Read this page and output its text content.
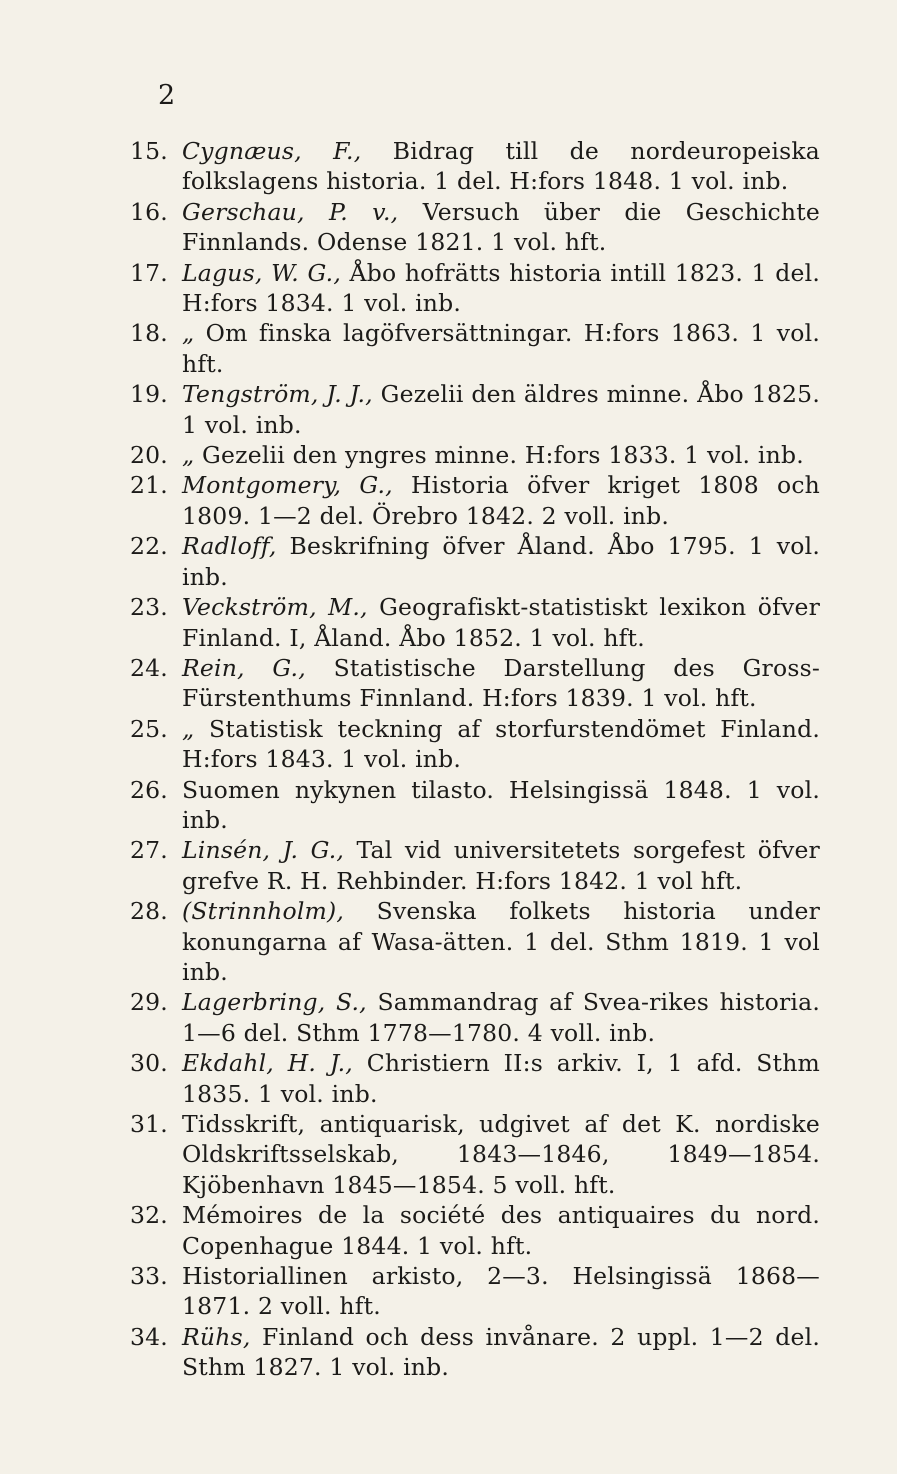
2
15. Cygnæus, F., Bidrag till de nordeuropeiska folkslagens historia. 1 del. H:fors 1848. 1 vol. inb.
16. Gerschau, P. v., Versuch über die Geschichte Finnlands. Odense 1821. 1 vol. hft.
17. Lagus, W. G., Åbo hofrätts historia intill 1823. 1 del. H:fors 1834. 1 vol. inb.
18. „ Om finska lagöfversättningar. H:fors 1863. 1 vol. hft.
19. Tengström, J. J., Gezelii den äldres minne. Åbo 1825. 1 vol. inb.
20. „ Gezelii den yngres minne. H:fors 1833. 1 vol. inb.
21. Montgomery, G., Historia öfver kriget 1808 och 1809. 1—2 del. Örebro 1842. 2 voll. inb.
22. Radloff, Beskrifning öfver Åland. Åbo 1795. 1 vol. inb.
23. Veckström, M., Geografiskt-statistiskt lexikon öfver Finland. I, Åland. Åbo 1852. 1 vol. hft.
24. Rein, G., Statistische Darstellung des Gross-Fürstenthums Finnland. H:fors 1839. 1 vol. hft.
25. „ Statistisk teckning af storfurstendömet Finland. H:fors 1843. 1 vol. inb.
26. Suomen nykynen tilasto. Helsingissä 1848. 1 vol. inb.
27. Linsén, J. G., Tal vid universitetets sorgefest öfver grefve R. H. Rehbinder. H:fors 1842. 1 vol hft.
28. (Strinnholm), Svenska folkets historia under konungarna af Wasa-ätten. 1 del. Sthm 1819. 1 vol inb.
29. Lagerbring, S., Sammandrag af Svea-rikes historia. 1—6 del. Sthm 1778—1780. 4 voll. inb.
30. Ekdahl, H. J., Christiern II:s arkiv. I, 1 afd. Sthm 1835. 1 vol. inb.
31. Tidsskrift, antiquarisk, udgivet af det K. nordiske Oldskriftsselskab, 1843—1846, 1849—1854. Kjöbenhavn 1845—1854. 5 voll. hft.
32. Mémoires de la société des antiquaires du nord. Copenhague 1844. 1 vol. hft.
33. Historiallinen arkisto, 2—3. Helsingissä 1868—1871. 2 voll. hft.
34. Rühs, Finland och dess invånare. 2 uppl. 1—2 del. Sthm 1827. 1 vol. inb.
